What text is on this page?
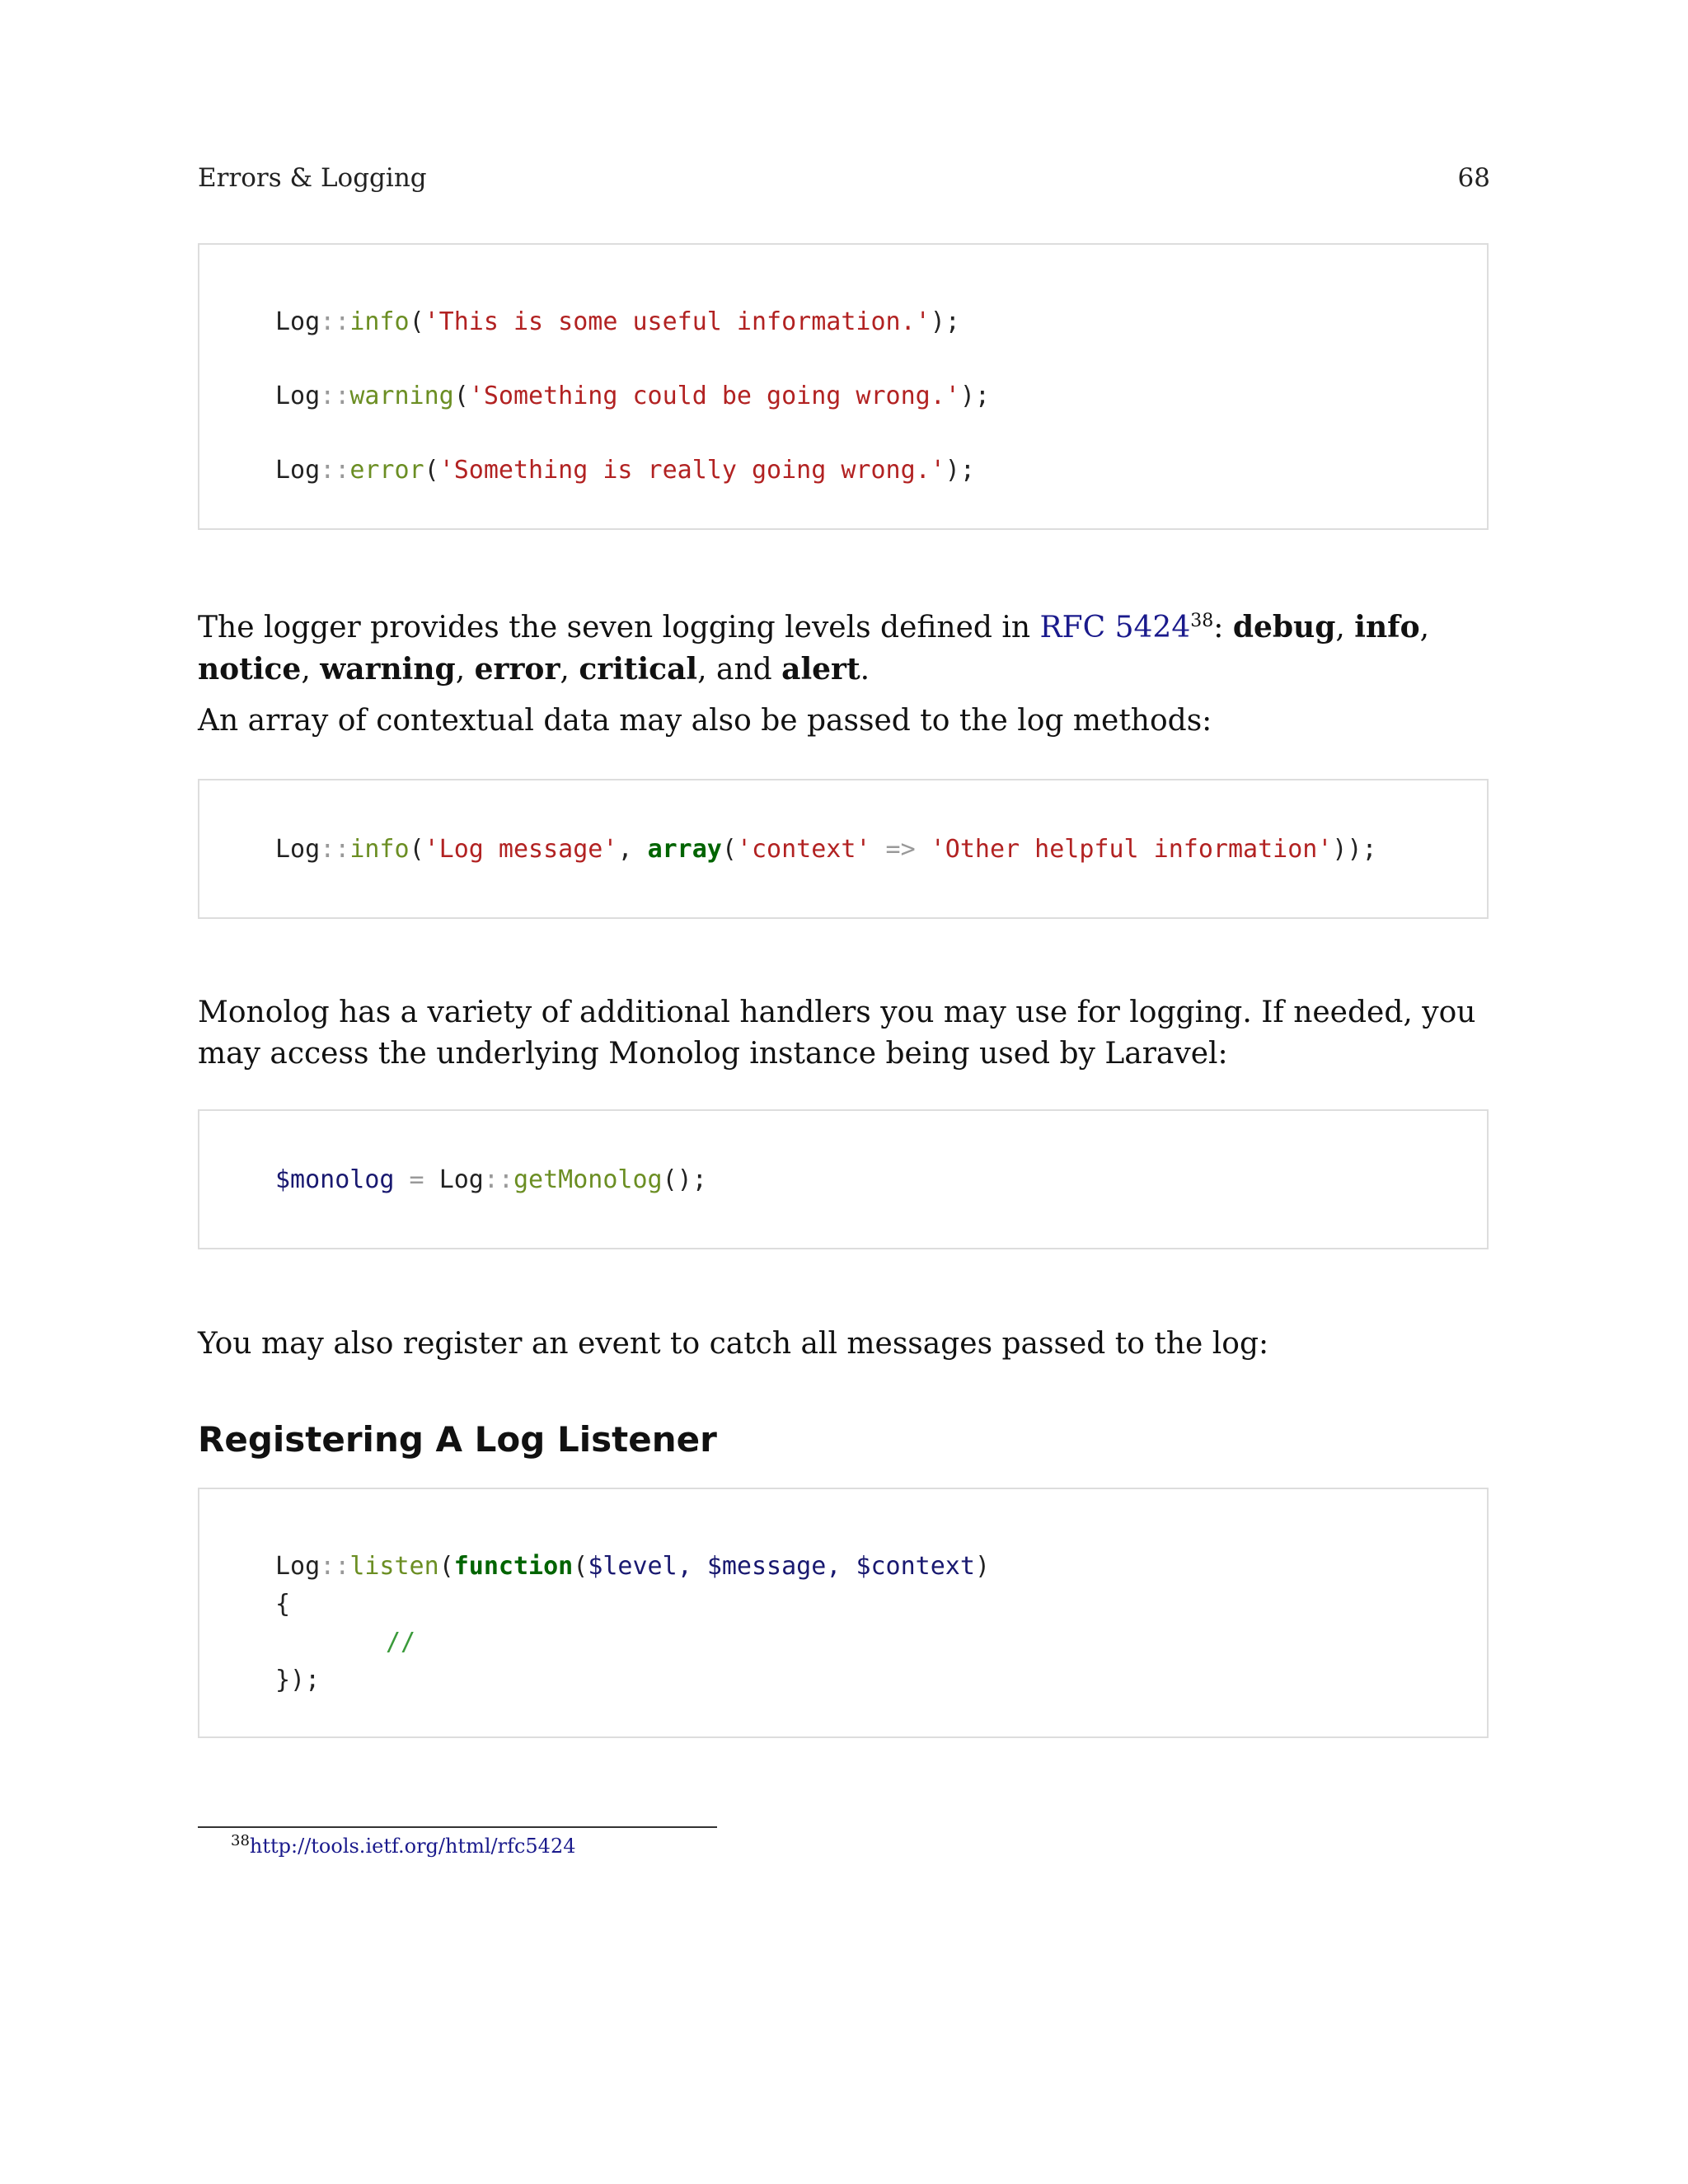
Errors & Logging	68
Log::info('This is some useful information.');
Log::warning('Something could be going wrong.');
Log::error('Something is really going wrong.');
The logger provides the seven logging levels defined in RFC 5424$^{38}$: debug, info, notice, warning, error, critical, and alert.
An array of contextual data may also be passed to the log methods:
Log::info('Log message', array('context' => 'Other helpful information'));
Monolog has a variety of additional handlers you may use for logging. If needed, you may access the underlying Monolog instance being used by Laravel:
$monolog = Log::getMonolog();
You may also register an event to catch all messages passed to the log:
Registering A Log Listener
Log::listen(function($level, $message, $context)
{
//
});
$^{38}$http://tools.ietf.org/html/rfc5424
